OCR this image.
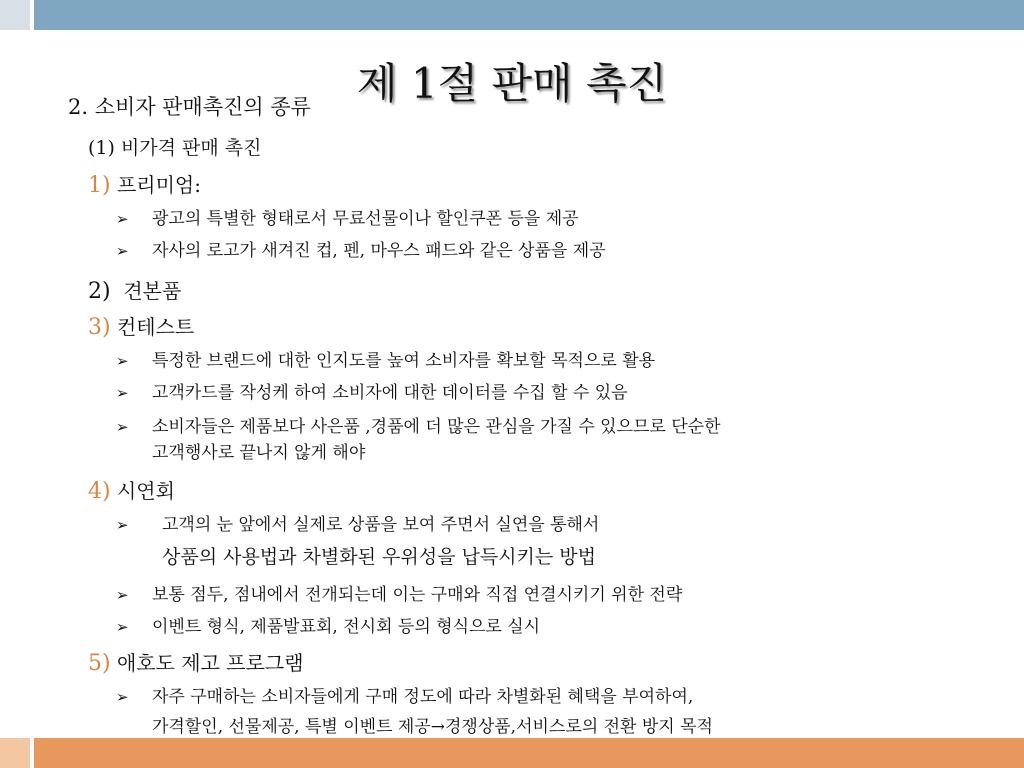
제 1절 판매 촉진
2. 소비자 판매촉진의 종류
(1) 비가격 판매 촉진
1) 프리미엄:
➢ 광고의 특별한 형태로서 무료선물이나 할인쿠폰 등을 제공
➢ 자사의 로고가 새겨진 컵, 펜, 마우스 패드와 같은 상품을 제공
2) 견본품
3) 컨테스트
➢ 특정한 브랜드에 대한 인지도를 높여 소비자를 확보할 목적으로 활용
➢ 고객카드를 작성케 하여 소비자에 대한 데이터를 수집 할 수 있음
➢ 소비자들은 제품보다 사은품 ,경품에 더 많은 관심을 가질 수 있으므로 단순한
고객행사로 끝나지 않게 해야
4) 시연회
➢ 고객의 눈 앞에서 실제로 상품을 보여 주면서 실연을 통해서
상품의 사용법과 차별화된 우위성을 납득시키는 방법
➢ 보통 점두, 점내에서 전개되는데 이는 구매와 직접 연결시키기 위한 전략
➢ 이벤트 형식, 제품발표회, 전시회 등의 형식으로 실시
5) 애호도 제고 프로그램
➢ 자주 구매하는 소비자들에게 구매 정도에 따라 차별화된 혜택을 부여하여,
가격할인, 선물제공, 특별 이벤트 제공→경쟁상품,서비스로의 전환 방지 목적
